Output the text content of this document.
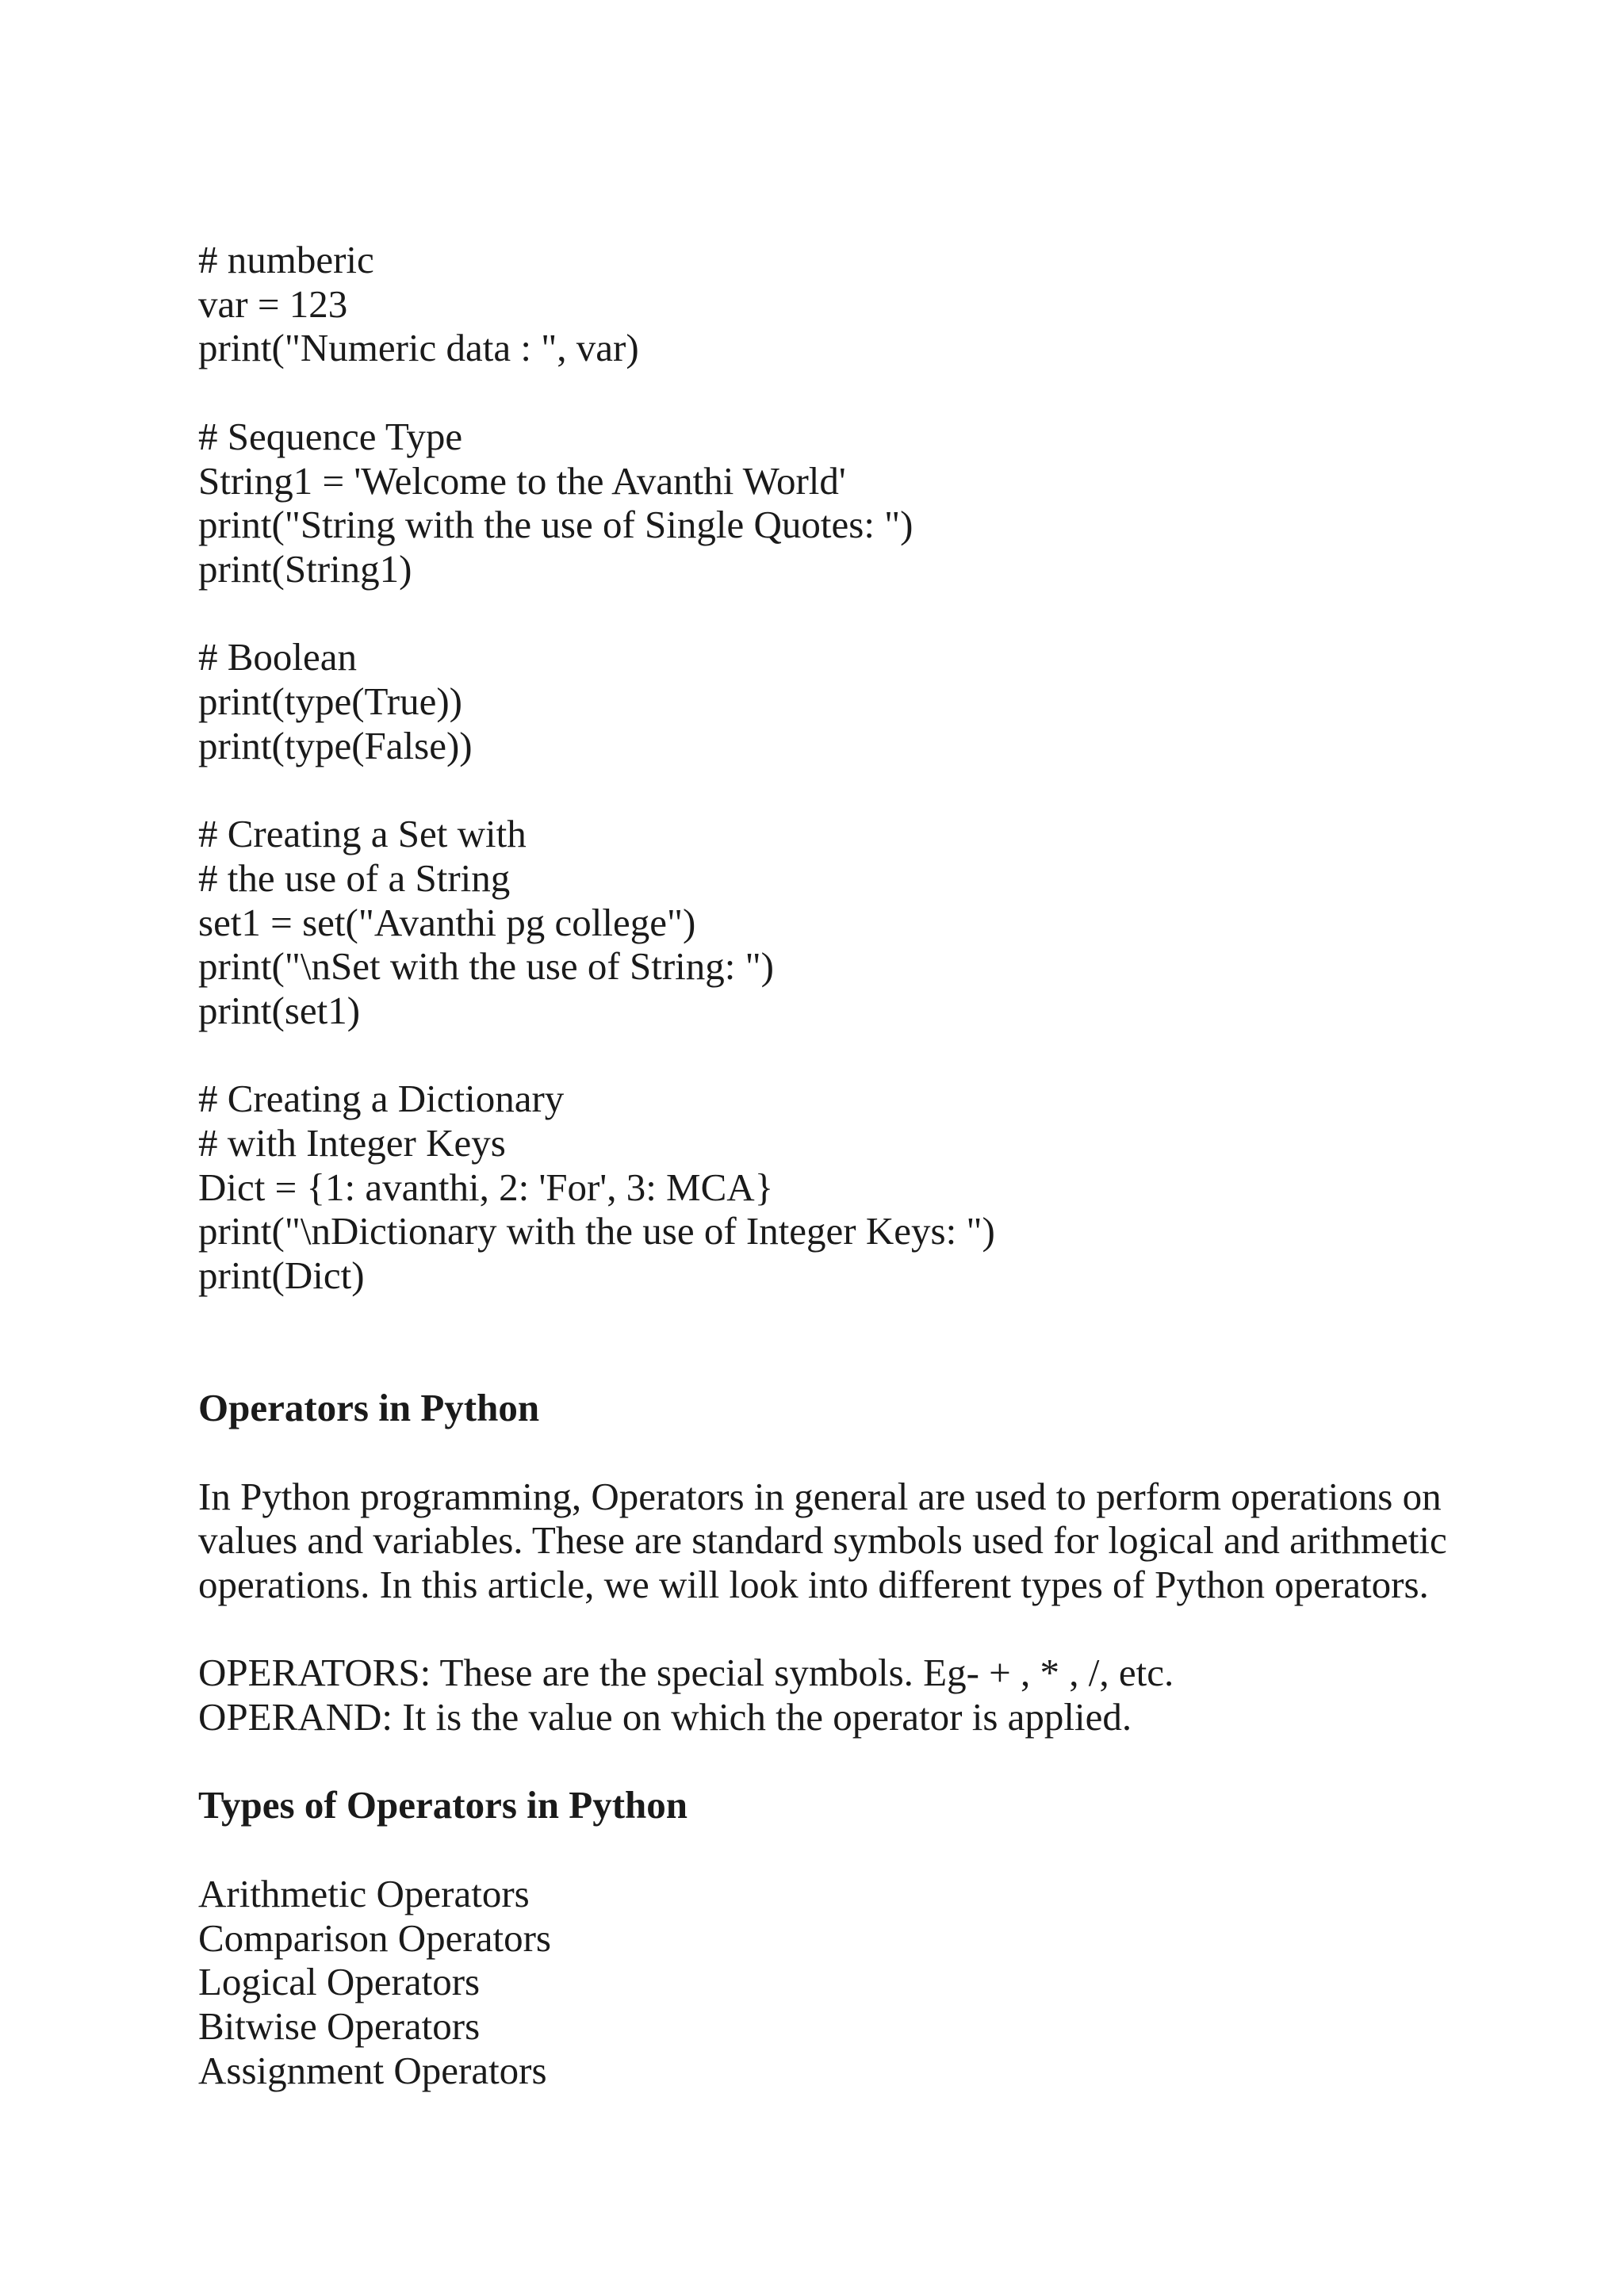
# numberic
var = 123
print("Numeric data : ", var)
# Sequence Type
String1 = 'Welcome to the Avanthi World'
print("String with the use of Single Quotes: ")
print(String1)
# Boolean
print(type(True))
print(type(False))
# Creating a Set with
# the use of a String
set1 = set("Avanthi pg college")
print("\nSet with the use of String: ")
print(set1)
# Creating a Dictionary
# with Integer Keys
Dict = {1: avanthi, 2: 'For', 3: MCA}
print("\nDictionary with the use of Integer Keys: ")
print(Dict)
Operators in Python
In Python programming, Operators in general are used to perform operations on
values and variables. These are standard symbols used for logical and arithmetic
operations. In this article, we will look into different types of Python operators.
OPERATORS: These are the special symbols. Eg- + , * , /, etc.
OPERAND: It is the value on which the operator is applied.
Types of Operators in Python
Arithmetic Operators
Comparison Operators
Logical Operators
Bitwise Operators
Assignment Operators
